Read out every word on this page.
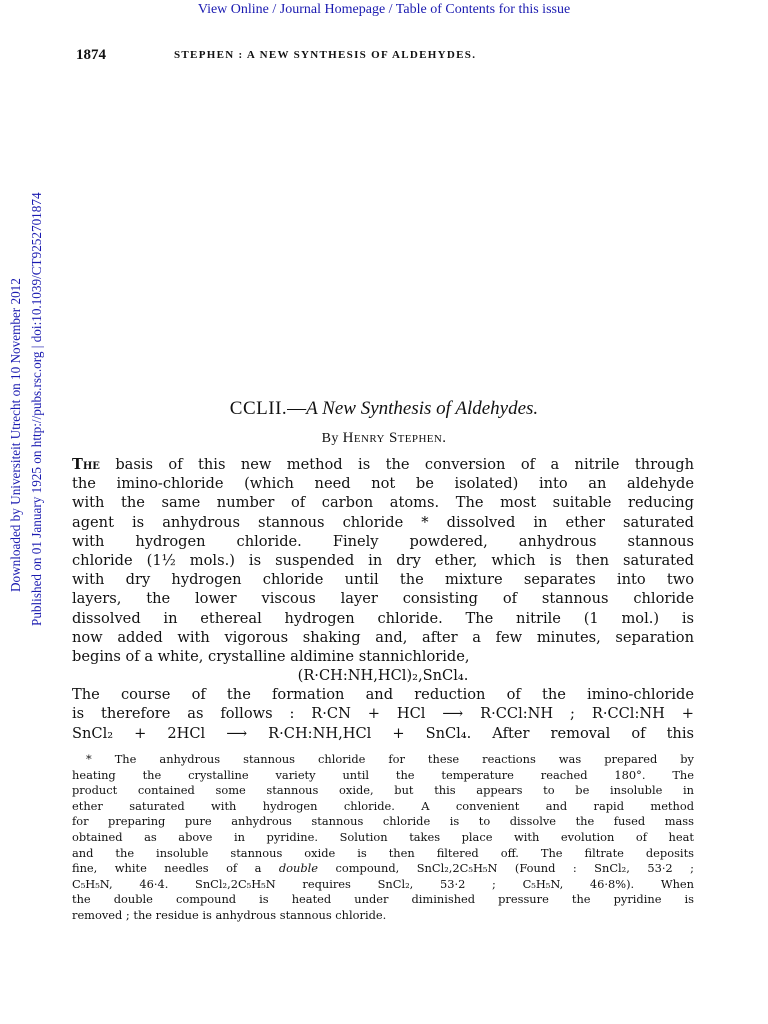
View Online / Journal Homepage / Table of Contents for this issue
1874	STEPHEN : A NEW SYNTHESIS OF ALDEHYDES.
Downloaded by Universiteit Utrecht on 10 November 2012 Published on 01 January 1925 on http://pubs.rsc.org | doi:10.1039/CT9252701874	CCLII.—A New Synthesis of Aldehydes.
By Henry Stephen.
The basis of this new method is the conversion of a nitrile through
the imino-chloride (which need not be isolated) into an aldehyde
with the same number of carbon atoms. The most suitable reducing
agent is anhydrous stannous chloride * dissolved in ether saturated
with hydrogen chloride. Finely powdered, anhydrous stannous
chloride (1½ mols.) is suspended in dry ether, which is then saturated
with dry hydrogen chloride until the mixture separates into two
layers, the lower viscous layer consisting of stannous chloride
dissolved in ethereal hydrogen chloride. The nitrile (1 mol.) is
now added with vigorous shaking and, after a few minutes, separation
begins of a white, crystalline aldimine stannichloride,
(R·CH:NH,HCl)₂,SnCl₄.
The course of the formation and reduction of the imino-chloride
is therefore as follows : R·CN + HCl ⟶ R·CCl:NH ; R·CCl:NH +
SnCl₂ + 2HCl ⟶ R·CH:NH,HCl + SnCl₄. After removal of this
* The anhydrous stannous chloride for these reactions was prepared by
heating the crystalline variety until the temperature reached 180°. The
product contained some stannous oxide, but this appears to be insoluble in
ether saturated with hydrogen chloride. A convenient and rapid method
for preparing pure anhydrous stannous chloride is to dissolve the fused mass
obtained as above in pyridine. Solution takes place with evolution of heat
and the insoluble stannous oxide is then filtered off. The filtrate deposits
fine, white needles of a double compound, SnCl₂,2C₅H₅N (Found : SnCl₂, 53·2 ;
C₅H₅N, 46·4. SnCl₂,2C₅H₅N requires SnCl₂, 53·2 ; C₅H₅N, 46·8%). When
the double compound is heated under diminished pressure the pyridine is
removed ; the residue is anhydrous stannous chloride.
